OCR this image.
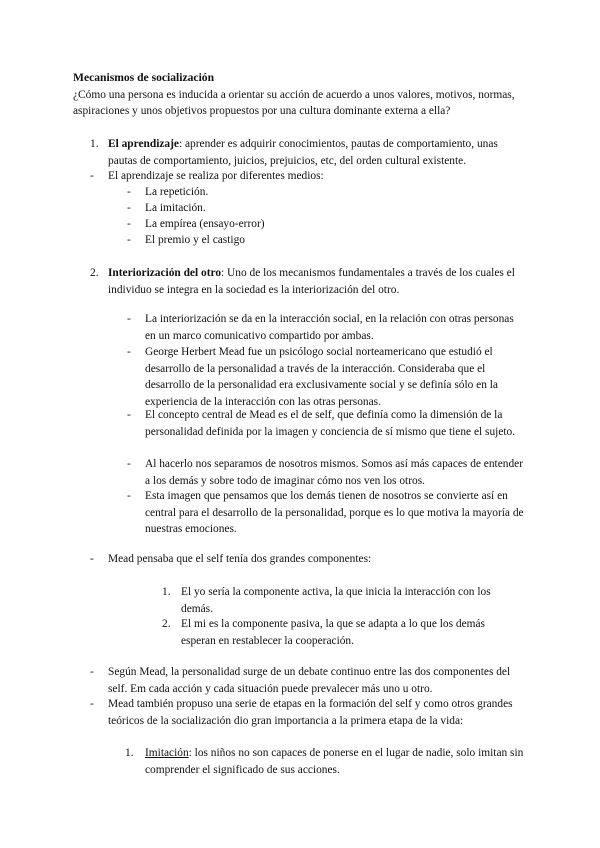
Mecanismos de socialización

¿Cómo una persona es inducida a orientar su acción de acuerdo a unos valores, motivos, normas, aspiraciones y unos objetivos propuestos por una cultura dominante externa a ella?

1. El aprendizaje: aprender es adquirir conocimientos, pautas de comportamiento, unas pautas de comportamiento, juicios, prejuicios, etc, del orden cultural existente.

-	El aprendizaje se realiza por diferentes medios:

-	La repetición.
-	La imitación.
-	La empírea (ensayo-error)
-	El premio y el castigo
2. Interiorización del otro: Uno de los mecanismos fundamentales a través de los cuales el individuo se integra en la sociedad es la interiorización del otro.

-	La interiorización se da en la interacción social, en la relación con otras personas en un marco comunicativo compartido por ambas.

-	George Herbert Mead fue un psicólogo social norteamericano que estudió el desarrollo de la personalidad a través de la interacción. Consideraba que el desarrollo de la personalidad era exclusivamente social y se definía sólo en la experiencia de la interacción con las otras personas.

-	El concepto central de Mead es el de self, que definía como la dimensión de la personalidad definida por la imagen y conciencia de sí mismo que tiene el sujeto.

-	Al hacerlo nos separamos de nosotros mismos. Somos así más capaces de entender a los demás y sobre todo de imaginar cómo nos ven los otros.

-	Esta imagen que pensamos que los demás tienen de nosotros se convierte así en central para el desarrollo de la personalidad, porque es lo que motiva la mayoría de nuestras emociones.

-	Mead pensaba que el self tenía dos grandes componentes:

1. El yo sería la componente activa, la que inicia la interacción con los demás.

2. El mi es la componente pasiva, la que se adapta a lo que los demás esperan en restablecer la cooperación.

-	Según Mead, la personalidad surge de un debate continuo entre las dos componentes del self. Em cada acción y cada situación puede prevalecer más uno u otro.

-	Mead también propuso una serie de etapas en la formación del self y como otros grandes teóricos de la socialización dio gran importancia a la primera etapa de la vida:

1.	Imitación: los niños no son capaces de ponerse en el lugar de nadie, solo imitan sin comprender el significado de sus acciones.
